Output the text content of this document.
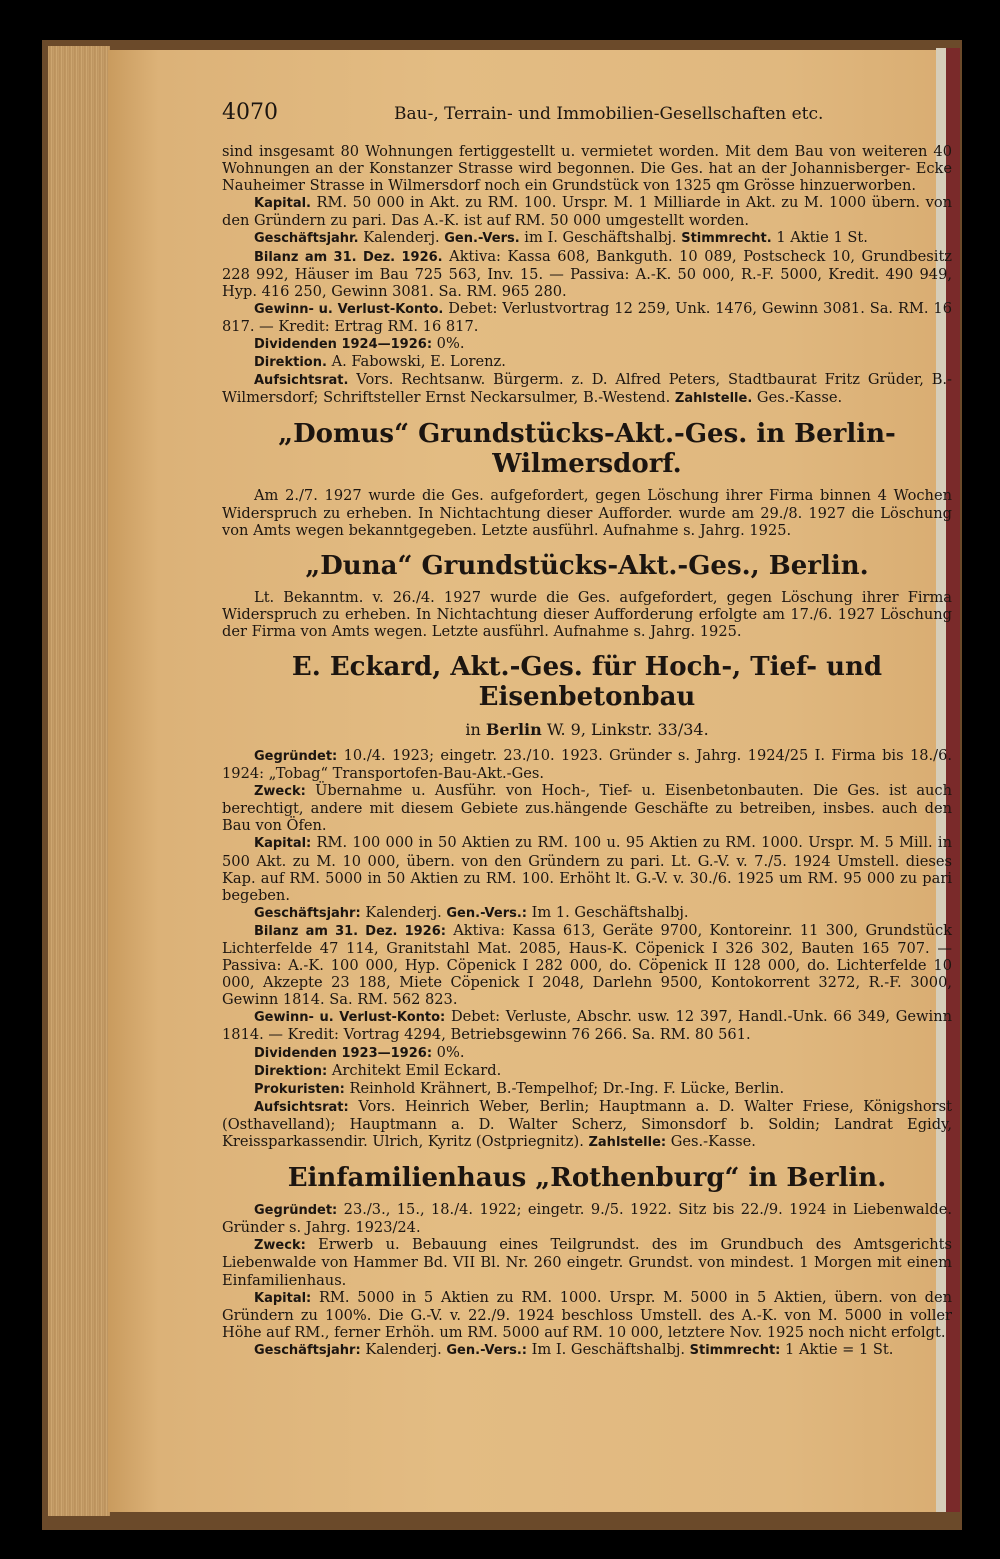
4070	Bau-, Terrain- und Immobilien-Gesellschaften etc.

sind insgesamt 80 Wohnungen fertiggestellt u. vermietet worden. Mit dem Bau von weiteren 40 Wohnungen an der Konstanzer Strasse wird begonnen. Die Ges. hat an der Johannisberger- Ecke Nauheimer Strasse in Wilmersdorf noch ein Grundstück von 1325 qm Grösse hinzuerworben.

Kapital. RM. 50 000 in Akt. zu RM. 100. Urspr. M. 1 Milliarde in Akt. zu M. 1000 übern. von den Gründern zu pari. Das A.-K. ist auf RM. 50 000 umgestellt worden.

Geschäftsjahr. Kalenderj. Gen.-Vers. im I. Geschäftshalbj. Stimmrecht. 1 Aktie 1 St.

Bilanz am 31. Dez. 1926. Aktiva: Kassa 608, Bankguth. 10 089, Postscheck 10, Grundbesitz 228 992, Häuser im Bau 725 563, Inv. 15. — Passiva: A.-K. 50 000, R.-F. 5000, Kredit. 490 949, Hyp. 416 250, Gewinn 3081. Sa. RM. 965 280.

Gewinn- u. Verlust-Konto. Debet: Verlustvortrag 12 259, Unk. 1476, Gewinn 3081. Sa. RM. 16 817. — Kredit: Ertrag RM. 16 817.

Dividenden 1924—1926: 0%.

Direktion. A. Fabowski, E. Lorenz.

Aufsichtsrat. Vors. Rechtsanw. Bürgerm. z. D. Alfred Peters, Stadtbaurat Fritz Grüder, B.-Wilmersdorf; Schriftsteller Ernst Neckarsulmer, B.-Westend. Zahlstelle. Ges.-Kasse.

„Domus“ Grundstücks-Akt.-Ges. in Berlin-Wilmersdorf.

Am 2./7. 1927 wurde die Ges. aufgefordert, gegen Löschung ihrer Firma binnen 4 Wochen Widerspruch zu erheben. In Nichtachtung dieser Aufforder. wurde am 29./8. 1927 die Löschung von Amts wegen bekanntgegeben. Letzte ausführl. Aufnahme s. Jahrg. 1925.

„Duna“ Grundstücks-Akt.-Ges., Berlin.

Lt. Bekanntm. v. 26./4. 1927 wurde die Ges. aufgefordert, gegen Löschung ihrer Firma Widerspruch zu erheben. In Nichtachtung dieser Aufforderung erfolgte am 17./6. 1927 Löschung der Firma von Amts wegen. Letzte ausführl. Aufnahme s. Jahrg. 1925.

E. Eckard, Akt.-Ges. für Hoch-, Tief- und Eisenbetonbau
in Berlin W. 9, Linkstr. 33/34.

Gegründet: 10./4. 1923; eingetr. 23./10. 1923. Gründer s. Jahrg. 1924/25 I. Firma bis 18./6. 1924: „Tobag“ Transportofen-Bau-Akt.-Ges.

Zweck: Übernahme u. Ausführ. von Hoch-, Tief- u. Eisenbetonbauten. Die Ges. ist auch berechtigt, andere mit diesem Gebiete zus.hängende Geschäfte zu betreiben, insbes. auch den Bau von Öfen.

Kapital: RM. 100 000 in 50 Aktien zu RM. 100 u. 95 Aktien zu RM. 1000. Urspr. M. 5 Mill. in 500 Akt. zu M. 10 000, übern. von den Gründern zu pari. Lt. G.-V. v. 7./5. 1924 Umstell. dieses Kap. auf RM. 5000 in 50 Aktien zu RM. 100. Erhöht lt. G.-V. v. 30./6. 1925 um RM. 95 000 zu pari begeben.

Geschäftsjahr: Kalenderj. Gen.-Vers.: Im 1. Geschäftshalbj.

Bilanz am 31. Dez. 1926: Aktiva: Kassa 613, Geräte 9700, Kontoreinr. 11 300, Grundstück Lichterfelde 47 114, Granitstahl Mat. 2085, Haus-K. Cöpenick I 326 302, Bauten 165 707. — Passiva: A.-K. 100 000, Hyp. Cöpenick I 282 000, do. Cöpenick II 128 000, do. Lichterfelde 10 000, Akzepte 23 188, Miete Cöpenick I 2048, Darlehn 9500, Kontokorrent 3272, R.-F. 3000, Gewinn 1814. Sa. RM. 562 823.

Gewinn- u. Verlust-Konto: Debet: Verluste, Abschr. usw. 12 397, Handl.-Unk. 66 349, Gewinn 1814. — Kredit: Vortrag 4294, Betriebsgewinn 76 266. Sa. RM. 80 561.

Dividenden 1923—1926: 0%.

Direktion: Architekt Emil Eckard.

Prokuristen: Reinhold Krähnert, B.-Tempelhof; Dr.-Ing. F. Lücke, Berlin.

Aufsichtsrat: Vors. Heinrich Weber, Berlin; Hauptmann a. D. Walter Friese, Königshorst (Osthavelland); Hauptmann a. D. Walter Scherz, Simonsdorf b. Soldin; Landrat Egidy, Kreissparkassendir. Ulrich, Kyritz (Ostpriegnitz). Zahlstelle: Ges.-Kasse.

Einfamilienhaus „Rothenburg“ in Berlin.

Gegründet: 23./3., 15., 18./4. 1922; eingetr. 9./5. 1922. Sitz bis 22./9. 1924 in Liebenwalde. Gründer s. Jahrg. 1923/24.

Zweck: Erwerb u. Bebauung eines Teilgrundst. des im Grundbuch des Amtsgerichts Liebenwalde von Hammer Bd. VII Bl. Nr. 260 eingetr. Grundst. von mindest. 1 Morgen mit einem Einfamilienhaus.

Kapital: RM. 5000 in 5 Aktien zu RM. 1000. Urspr. M. 5000 in 5 Aktien, übern. von den Gründern zu 100%. Die G.-V. v. 22./9. 1924 beschloss Umstell. des A.-K. von M. 5000 in voller Höhe auf RM., ferner Erhöh. um RM. 5000 auf RM. 10 000, letztere Nov. 1925 noch nicht erfolgt.

Geschäftsjahr: Kalenderj. Gen.-Vers.: Im I. Geschäftshalbj. Stimmrecht: 1 Aktie = 1 St.
